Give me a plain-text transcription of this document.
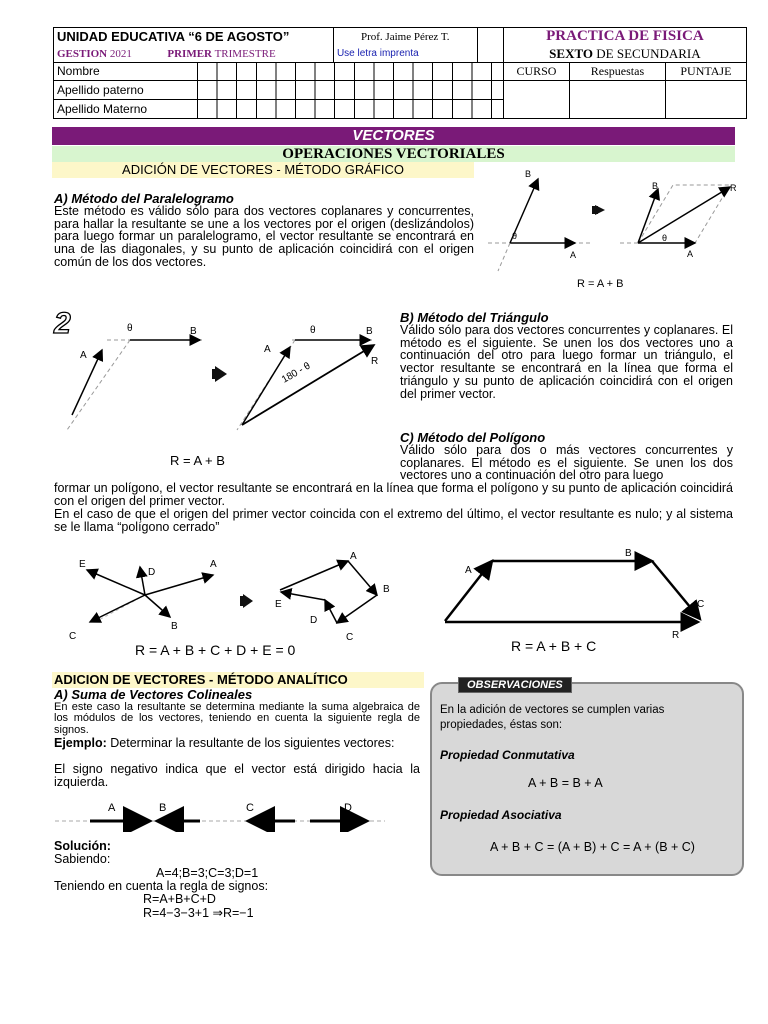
UNIDAD EDUCATIVA “6 DE AGOSTO”	Prof. Jaime Pérez T.		PRACTICA DE FISICA		
GESTION 2021 PRIMER TRIMESTRE	Use letra imprenta		SEXTO DE SECUNDARIA		

Nombre			CURSO	Respuestas	PUNTAJE

Apellido paterno					

Apellido Materno					
VECTORES
OPERACIONES VECTORIALES
ADICIÓN DE VECTORES - MÉTODO GRÁFICO
A) Método del Paralelogramo
Este método es válido sólo para dos vectores coplanares y concurrentes, para hallar la resultante se une a los vectores por el origen (deslizándolos) para luego formar un paralelogramo, el vector resultante se encontrará en una de las diagonales, y su punto de aplicación coincidirá con el origen común de los dos vectores.
B
A
θ
B	R
A
θ
R = A + B
2	B
A
θ
A
B
R
θ
180 - θ
R = A + B
B) Método del Triángulo
Válido sólo para dos vectores concurrentes y coplanares. El método es el siguiente. Se unen los dos vectores uno a continuación del otro para luego formar un triángulo, el vector resultante se encontrará en la línea que forma el triángulo y su punto de aplicación coincidirá con el origen del primer vector.
C) Método del Polígono
Válido sólo para dos o más vectores concurrentes y coplanares. El método es el siguiente. Se unen los dos vectores uno a continuación del otro para luego
formar un polígono, el vector resultante se encontrará en la línea que forma el polígono y su punto de aplicación coincidirá con el origen del primer vector.
En el caso de que el origen del primer vector coincida con el extremo del último, el vector resultante es nulo; y al sistema se le llama “polígono cerrado”
E
D
A
B
C
A
B
C
D
E
A
B
C
R
R = A + B + C + D + E = 0	R = A + B + C
ADICION DE VECTORES - MÉTODO ANALÍTICO
A) Suma de Vectores Colineales
En este caso la resultante se determina mediante la suma algebraica de los módulos de los vectores, teniendo en cuenta la siguiente regla de signos.
Ejemplo: Determinar la resultante de los siguientes vectores:
El signo negativo indica que el vector está dirigido hacia la izquierda.
A	B	C	D
Solución:
Sabiendo:
A=4;B=3;C=3;D=1
Teniendo en cuenta la regla de signos:
R=A+B+C+D
R=4−3−3+1 ⇒R=−1
OBSERVACIONES
En la adición de vectores se cumplen varias propiedades, éstas son:
Propiedad Conmutativa
A + B = B + A
Propiedad Asociativa
A + B + C = (A + B) + C = A + (B + C)
